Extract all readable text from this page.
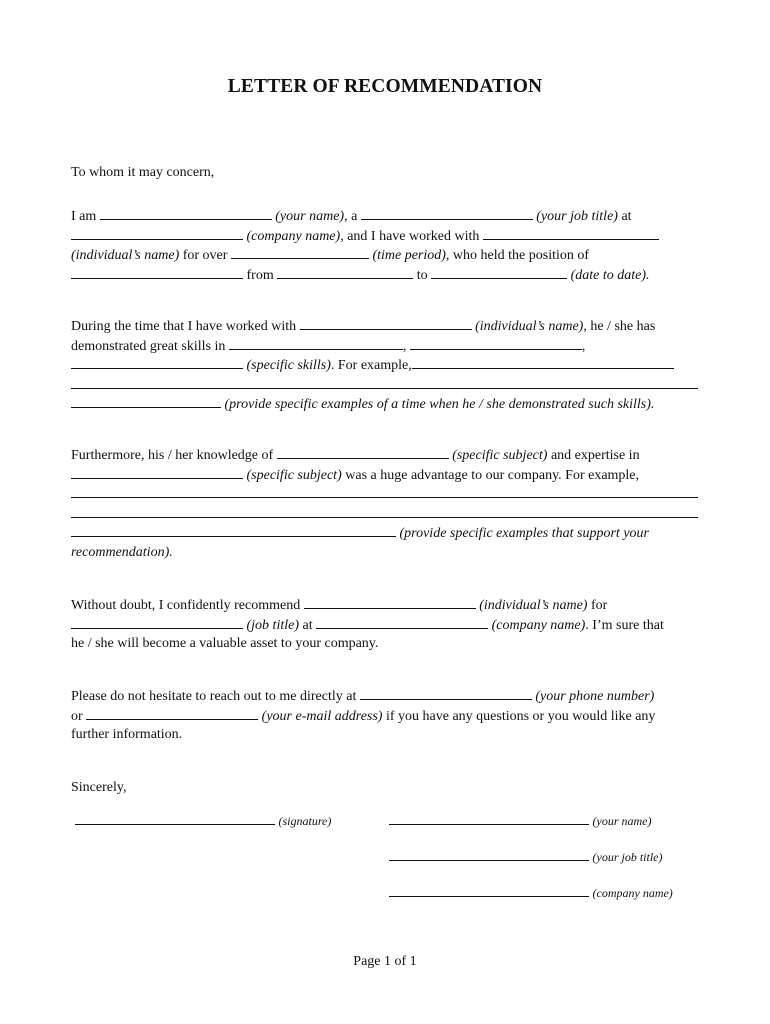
LETTER OF RECOMMENDATION
To whom it may concern,
I am	(your name), a	(your job title) at
(company name), and I have worked with
(individual’s name) for over	(time period), who held the position of
from	to	(date to date).
During the time that I have worked with	(individual’s name), he / she has
demonstrated great skills in	,	,
(specific skills). For example,
(provide specific examples of a time when he / she demonstrated such skills).
Furthermore, his / her knowledge of	(specific subject) and expertise in
(specific subject) was a huge advantage to our company. For example,
(provide specific examples that support your
recommendation).
Without doubt, I confidently recommend	(individual’s name) for
(job title) at	(company name). I’m sure that
he / she will become a valuable asset to your company.
Please do not hesitate to reach out to me directly at	(your phone number)
or	(your e-mail address) if you have any questions or you would like any
further information.
Sincerely,
(signature)	(your name)
(your job title)
(company name)
Page 1 of 1
